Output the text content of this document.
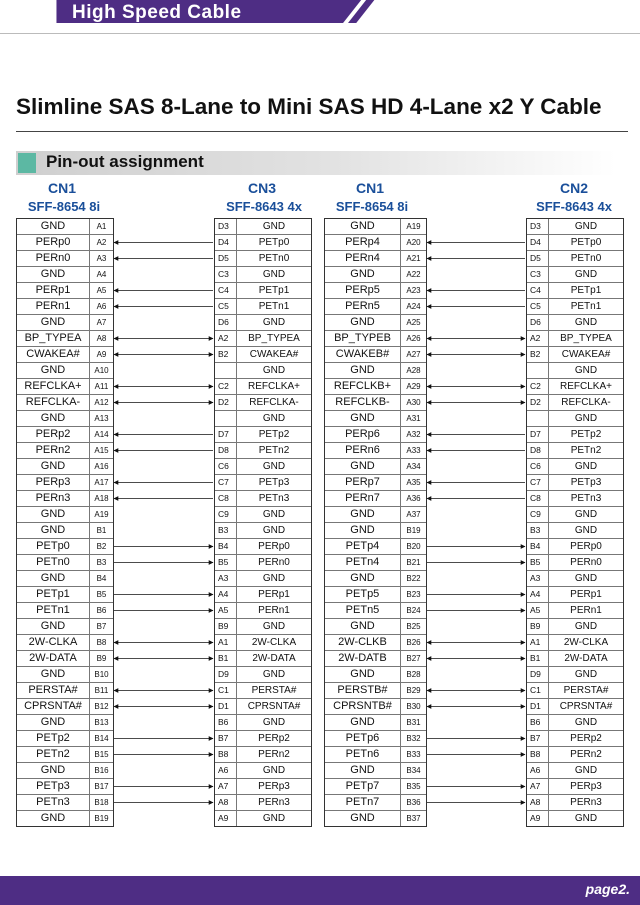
High Speed Cable
Slimline SAS 8-Lane to Mini SAS HD 4-Lane x2 Y Cable
Pin-out assignment
CN1
SFF-8654 8i
CN3
SFF-8643 4x
CN1
SFF-8654 8i
CN2
SFF-8643 4x
GND	A1
PERp0	A2
PERn0	A3
GND	A4
PERp1	A5
PERn1	A6
GND	A7
BP_TYPEA	A8
CWAKEA#	A9
GND	A10
REFCLKA+	A11
REFCLKA-	A12
GND	A13
PERp2	A14
PERn2	A15
GND	A16
PERp3	A17
PERn3	A18
GND	A19
GND	B1
PETp0	B2
PETn0	B3
GND	B4
PETp1	B5
PETn1	B6
GND	B7
2W-CLKA	B8
2W-DATA	B9
GND	B10
PERSTA#	B11
CPRSNTA#	B12
GND	B13
PETp2	B14
PETn2	B15
GND	B16
PETp3	B17
PETn3	B18
GND	B19
D3	GND
D4	PETp0
D5	PETn0
C3	GND
C4	PETp1
C5	PETn1
D6	GND
A2	BP_TYPEA
B2	CWAKEA#
GND
C2	REFCLKA+
D2	REFCLKA-
GND
D7	PETp2
D8	PETn2
C6	GND
C7	PETp3
C8	PETn3
C9	GND
B3	GND
B4	PERp0
B5	PERn0
A3	GND
A4	PERp1
A5	PERn1
B9	GND
A1	2W-CLKA
B1	2W-DATA
D9	GND
C1	PERSTA#
D1	CPRSNTA#
B6	GND
B7	PERp2
B8	PERn2
A6	GND
A7	PERp3
A8	PERn3
A9	GND
GND	A19
PERp4	A20
PERn4	A21
GND	A22
PERp5	A23
PERn5	A24
GND	A25
BP_TYPEB	A26
CWAKEB#	A27
GND	A28
REFCLKB+	A29
REFCLKB-	A30
GND	A31
PERp6	A32
PERn6	A33
GND	A34
PERp7	A35
PERn7	A36
GND	A37
GND	B19
PETp4	B20
PETn4	B21
GND	B22
PETp5	B23
PETn5	B24
GND	B25
2W-CLKB	B26
2W-DATB	B27
GND	B28
PERSTB#	B29
CPRSNTB#	B30
GND	B31
PETp6	B32
PETn6	B33
GND	B34
PETp7	B35
PETn7	B36
GND	B37
D3	GND
D4	PETp0
D5	PETn0
C3	GND
C4	PETp1
C5	PETn1
D6	GND
A2	BP_TYPEA
B2	CWAKEA#
GND
C2	REFCLKA+
D2	REFCLKA-
GND
D7	PETp2
D8	PETn2
C6	GND
C7	PETp3
C8	PETn3
C9	GND
B3	GND
B4	PERp0
B5	PERn0
A3	GND
A4	PERp1
A5	PERn1
B9	GND
A1	2W-CLKA
B1	2W-DATA
D9	GND
C1	PERSTA#
D1	CPRSNTA#
B6	GND
B7	PERp2
B8	PERn2
A6	GND
A7	PERp3
A8	PERn3
A9	GND
page2.
